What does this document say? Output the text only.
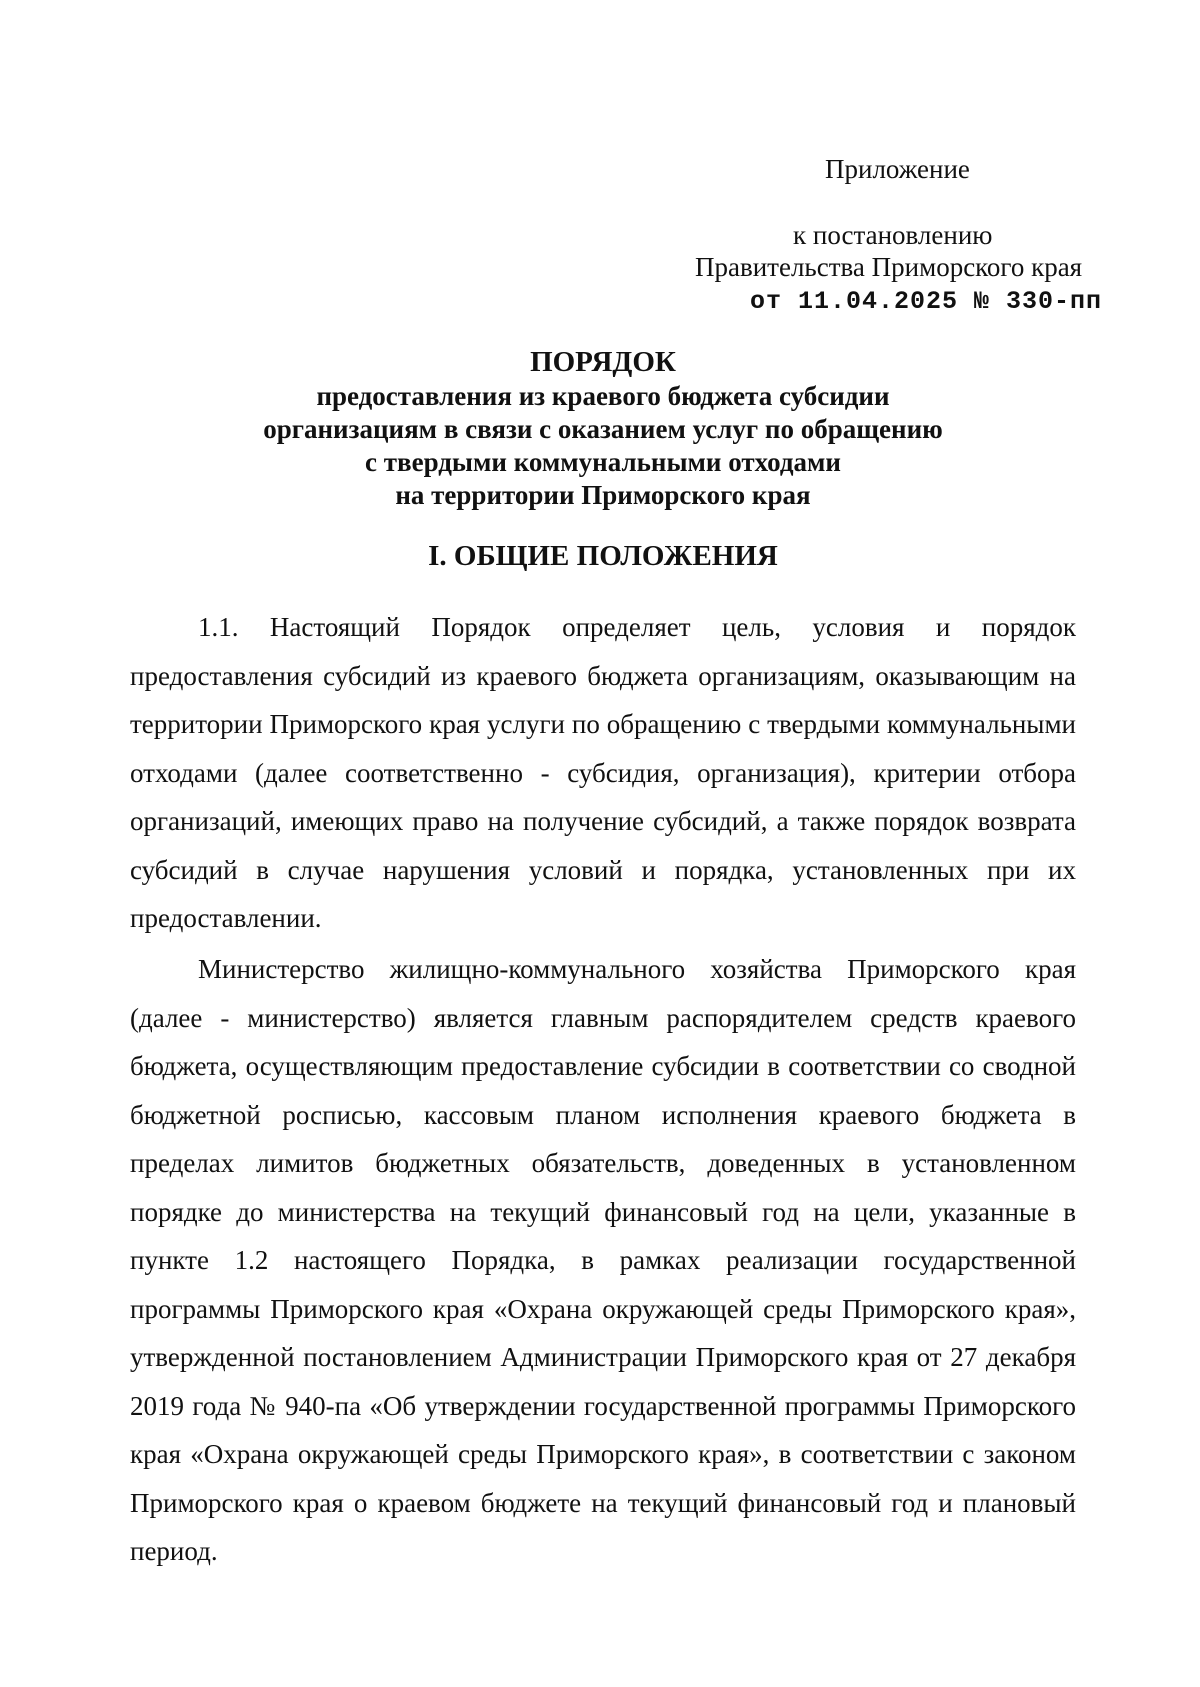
Приложение
к постановлению
Правительства Приморского края
от 11.04.2025 № 330-пп
ПОРЯДОК
предоставления из краевого бюджета субсидии
организациям в связи с оказанием услуг по обращению
с твердыми коммунальными отходами
на территории Приморского края
I. ОБЩИЕ ПОЛОЖЕНИЯ

1.1. Настоящий Порядок определяет цель, условия и порядок предоставления субсидий из краевого бюджета организациям, оказывающим на территории Приморского края услуги по обращению с твердыми коммунальными отходами (далее соответственно - субсидия, организация), критерии отбора организаций, имеющих право на получение субсидий, а также порядок возврата субсидий в случае нарушения условий и порядка, установленных при их предоставлении.

Министерство жилищно-коммунального хозяйства Приморского края (далее - министерство) является главным распорядителем средств краевого бюджета, осуществляющим предоставление субсидии в соответствии со сводной бюджетной росписью, кассовым планом исполнения краевого бюджета в пределах лимитов бюджетных обязательств, доведенных в установленном порядке до министерства на текущий финансовый год на цели, указанные в пункте 1.2 настоящего Порядка, в рамках реализации государственной программы Приморского края «Охрана окружающей среды Приморского края», утвержденной постановлением Администрации Приморского края от 27 декабря 2019 года № 940-па «Об утверждении государственной программы Приморского края «Охрана окружающей среды Приморского края», в соответствии с законом Приморского края о краевом бюджете на текущий финансовый год и плановый период.
